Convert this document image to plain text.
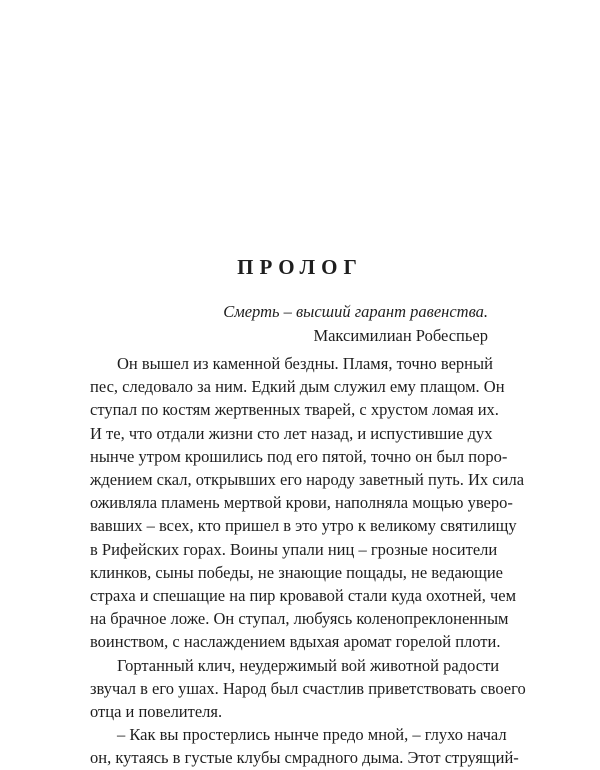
ПРОЛОГ
Смерть – высший гарант равенства.
Максимилиан Робеспьер
Он вышел из каменной бездны. Пламя, точно верный
пес, следовало за ним. Едкий дым служил ему плащом. Он
ступал по костям жертвенных тварей, с хрустом ломая их.
И те, что отдали жизни сто лет назад, и испустившие дух
нынче утром крошились под его пятой, точно он был поро-
ждением скал, открывших его народу заветный путь. Их сила
оживляла пламень мертвой крови, наполняла мощью уверо-
вавших – всех, кто пришел в это утро к великому святилищу
в Рифейских горах. Воины упали ниц – грозные носители
клинков, сыны победы, не знающие пощады, не ведающие
страха и спешащие на пир кровавой стали куда охотней, чем
на брачное ложе. Он ступал, любуясь коленопреклоненным
воинством, с наслаждением вдыхая аромат горелой плоти.
Гортанный клич, неудержимый вой животной радости
звучал в его ушах. Народ был счастлив приветствовать своего
отца и повелителя.
– Как вы простерлись нынче предо мной, – глухо начал
он, кутаясь в густые клубы смрадного дыма. Этот струящий-
